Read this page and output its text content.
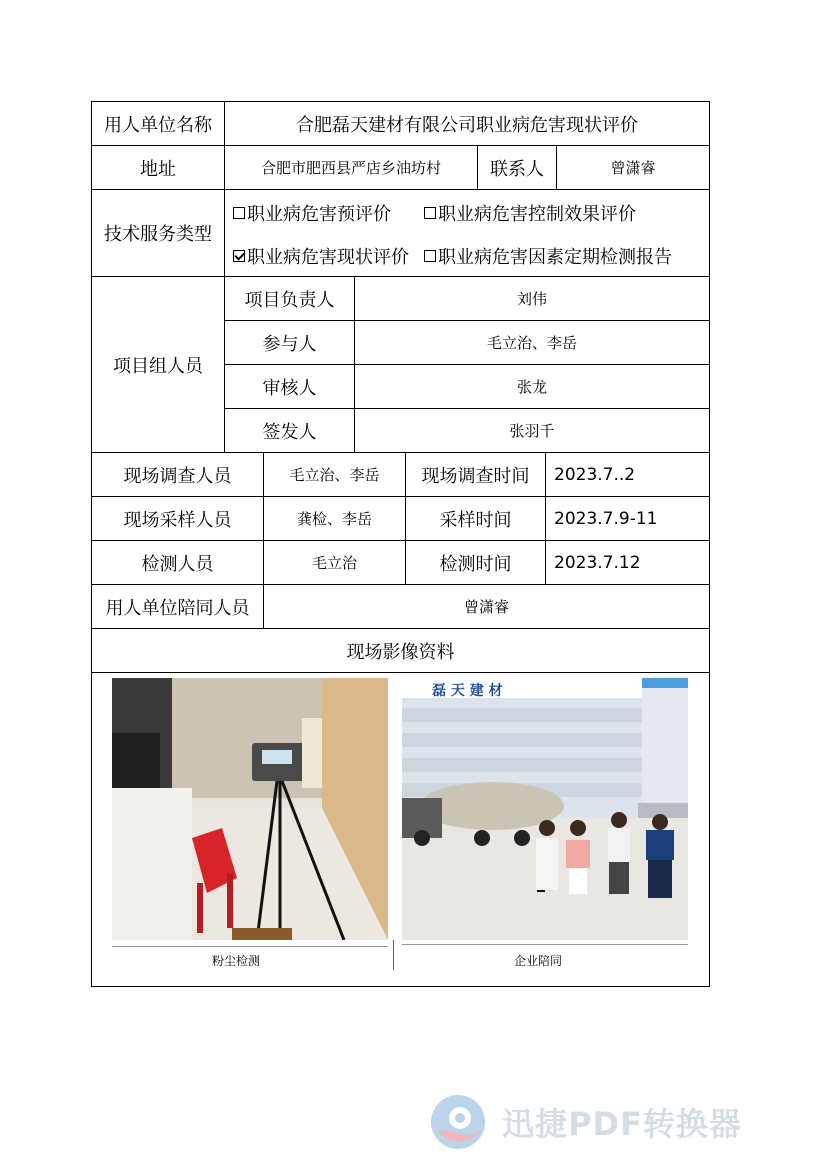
用人单位名称	合肥磊天建材有限公司职业病危害现状评价
地址	合肥市肥西县严店乡油坊村	联系人	曾潇睿
技术服务类型
职业病危害预评价	职业病危害控制效果评价
职业病危害现状评价 职业病危害因素定期检测报告
项目组人员
项目负责人	刘伟
参与人	毛立治、李岳
审核人	张龙
签发人	张羽千
现场调查人员	毛立治、李岳	现场调查时间	2023.7..2
现场采样人员	龚检、李岳	采样时间	2023.7.9-11
检测人员	毛立治	检测时间	2023.7.12
用人单位陪同人员	曾潇睿
现场影像资料
磊 天 建 材
粉尘检测	企业陪同
迅捷PDF转换器
